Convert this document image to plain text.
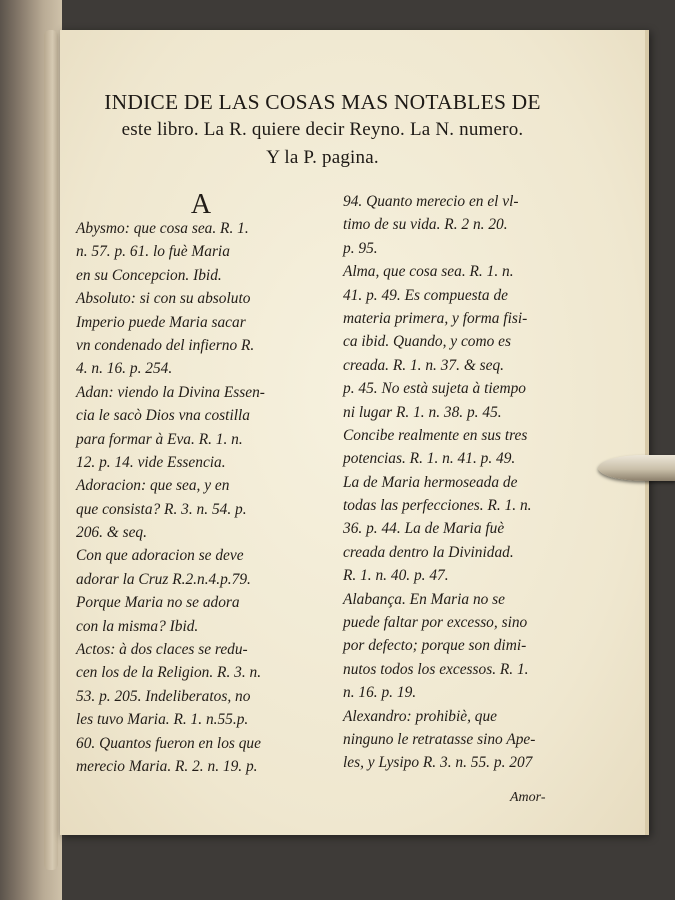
INDICE DE LAS COSAS MAS NOTABLES DE
este libro. La R. quiere decir Reyno. La N. numero.
Y la P. pagina.
A
Abysmo: que cosa sea. R. 1.
n. 57. p. 61. lo fuè Maria
en su Concepcion. Ibid.
Absoluto: si con su absoluto
Imperio puede Maria sacar
vn condenado del infierno R.
4. n. 16. p. 254.
Adan: viendo la Divina Essen-
cia le sacò Dios vna costilla
para formar à Eva. R. 1. n.
12. p. 14. vide Essencia.
Adoracion: que sea, y en
que consista? R. 3. n. 54. p.
206. & seq.
Con que adoracion se deve
adorar la Cruz R.2.n.4.p.79.
Porque Maria no se adora
con la misma? Ibid.
Actos: à dos claces se redu-
cen los de la Religion. R. 3. n.
53. p. 205. Indeliberatos, no
les tuvo Maria. R. 1. n.55.p.
60. Quantos fueron en los que
merecio Maria. R. 2. n. 19. p.
94. Quanto merecio en el vl-
timo de su vida. R. 2 n. 20.
p. 95.
Alma, que cosa sea. R. 1. n.
41. p. 49. Es compuesta de
materia primera, y forma fisi-
ca ibid. Quando, y como es
creada. R. 1. n. 37. & seq.
p. 45. No està sujeta à tiempo
ni lugar R. 1. n. 38. p. 45.
Concibe realmente en sus tres
potencias. R. 1. n. 41. p. 49.
La de Maria hermoseada de
todas las perfecciones. R. 1. n.
36. p. 44. La de Maria fuè
creada dentro la Divinidad.
R. 1. n. 40. p. 47.
Alabança. En Maria no se
puede faltar por excesso, sino
por defecto; porque son dimi-
nutos todos los excessos. R. 1.
n. 16. p. 19.
Alexandro: prohibiè, que
ninguno le retratasse sino Ape-
les, y Lysipo R. 3. n. 55. p. 207
Amor-
